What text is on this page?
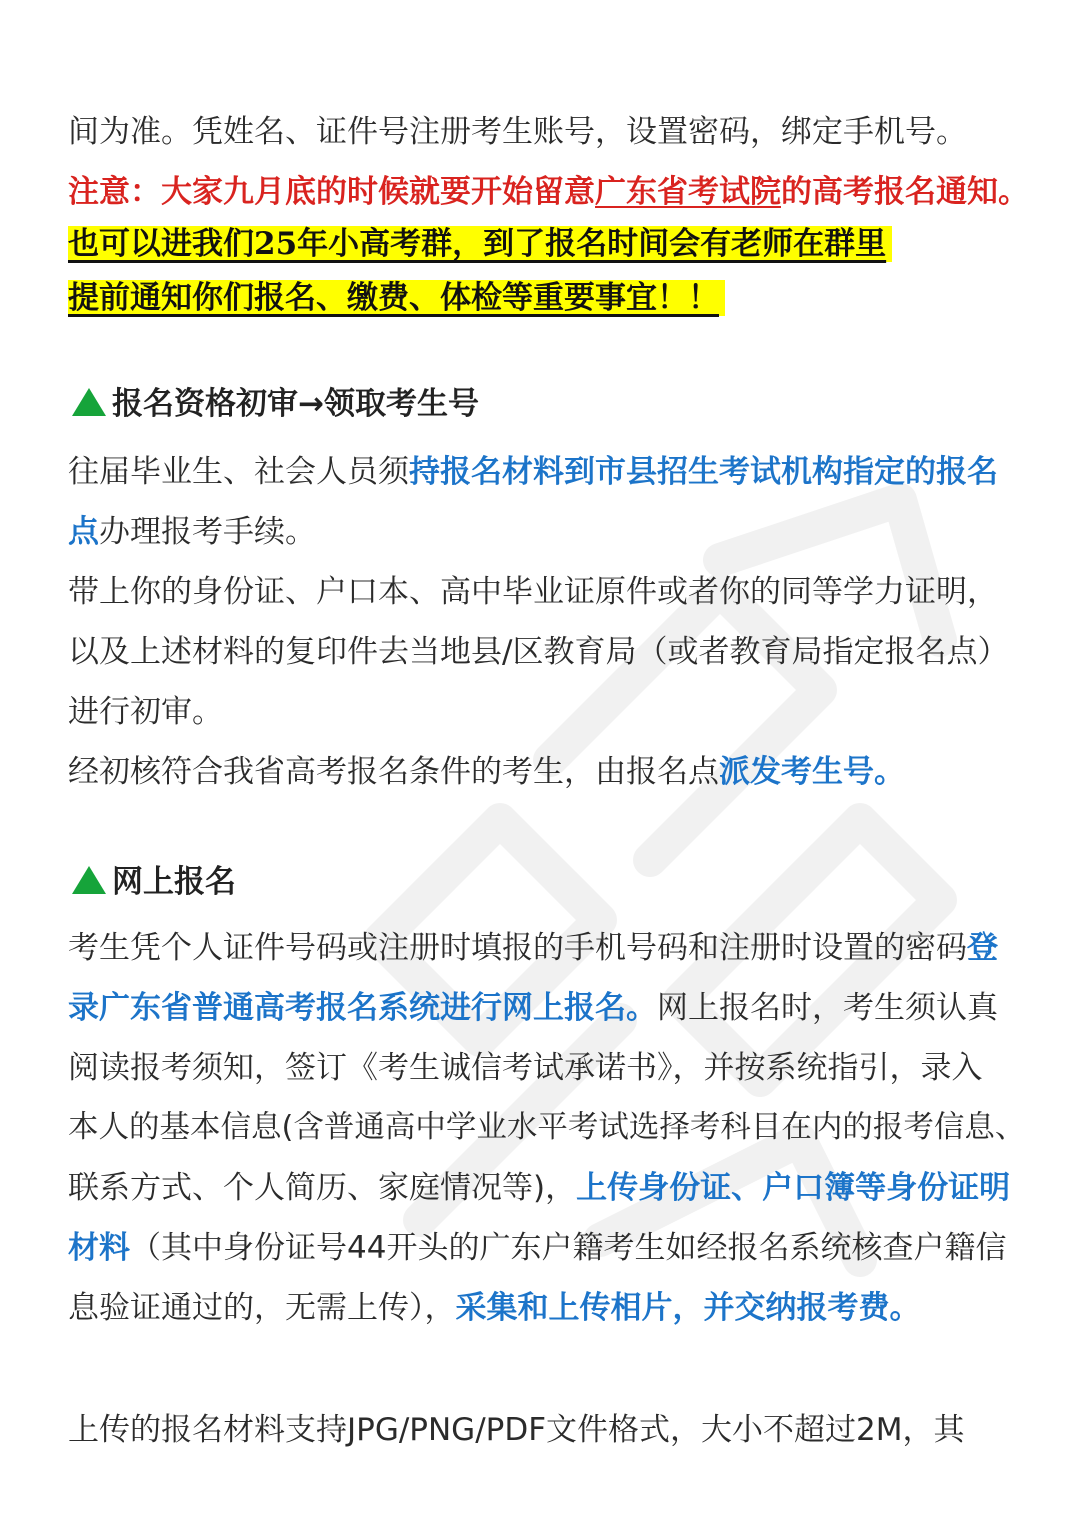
间为准。凭姓名、证件号注册考生账号，设置密码，绑定手机号。
注意：大家九月底的时候就要开始留意广东省考试院的高考报名通知。
也可以进我们25年小高考群，到了报名时间会有老师在群里
提前通知你们报名、缴费、体检等重要事宜！！
报名资格初审→领取考生号
往届毕业生、社会人员须持报名材料到市县招生考试机构指定的报名
点办理报考手续。
带上你的身份证、户口本、高中毕业证原件或者你的同等学力证明，
以及上述材料的复印件去当地县/区教育局（或者教育局指定报名点）
进行初审。
经初核符合我省高考报名条件的考生，由报名点派发考生号。
网上报名
考生凭个人证件号码或注册时填报的手机号码和注册时设置的密码登
录广东省普通高考报名系统进行网上报名。网上报名时，考生须认真
阅读报考须知，签订《考生诚信考试承诺书》，并按系统指引，录入
本人的基本信息(含普通高中学业水平考试选择考科目在内的报考信息、
联系方式、个人简历、家庭情况等)，上传身份证、户口簿等身份证明
材料（其中身份证号44开头的广东户籍考生如经报名系统核查户籍信
息验证通过的，无需上传），采集和上传相片，并交纳报考费。
上传的报名材料支持JPG/PNG/PDF文件格式，大小不超过2M，其
